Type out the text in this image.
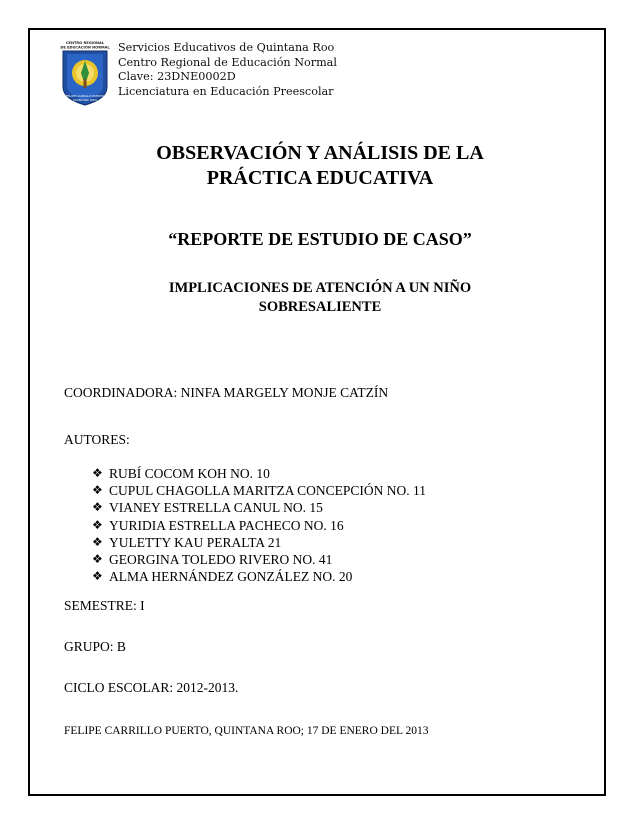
CENTRO REGIONAL
DE EDUCACIÓN NORMAL
FELIPE CARRILLO PUERTO
QUINTANA ROO
Servicios Educativos de Quintana Roo
Centro Regional de Educación Normal
Clave: 23DNE0002D
Licenciatura en Educación Preescolar
OBSERVACIÓN Y ANÁLISIS DE LA
PRÁCTICA EDUCATIVA
“REPORTE DE ESTUDIO DE CASO”
IMPLICACIONES DE ATENCIÓN A UN NIÑO
SOBRESALIENTE
COORDINADORA: NINFA MARGELY MONJE CATZÍN
AUTORES:
❖ RUBÍ COCOM KOH NO. 10
❖ CUPUL CHAGOLLA MARITZA CONCEPCIÓN NO. 11
❖ VIANEY ESTRELLA CANUL NO. 15
❖ YURIDIA ESTRELLA PACHECO NO. 16
❖ YULETTY KAU PERALTA 21
❖ GEORGINA TOLEDO RIVERO NO. 41
❖ ALMA HERNÁNDEZ GONZÁLEZ NO. 20
SEMESTRE: I
GRUPO: B
CICLO ESCOLAR: 2012-2013.
FELIPE CARRILLO PUERTO, QUINTANA ROO; 17 DE ENERO DEL 2013
